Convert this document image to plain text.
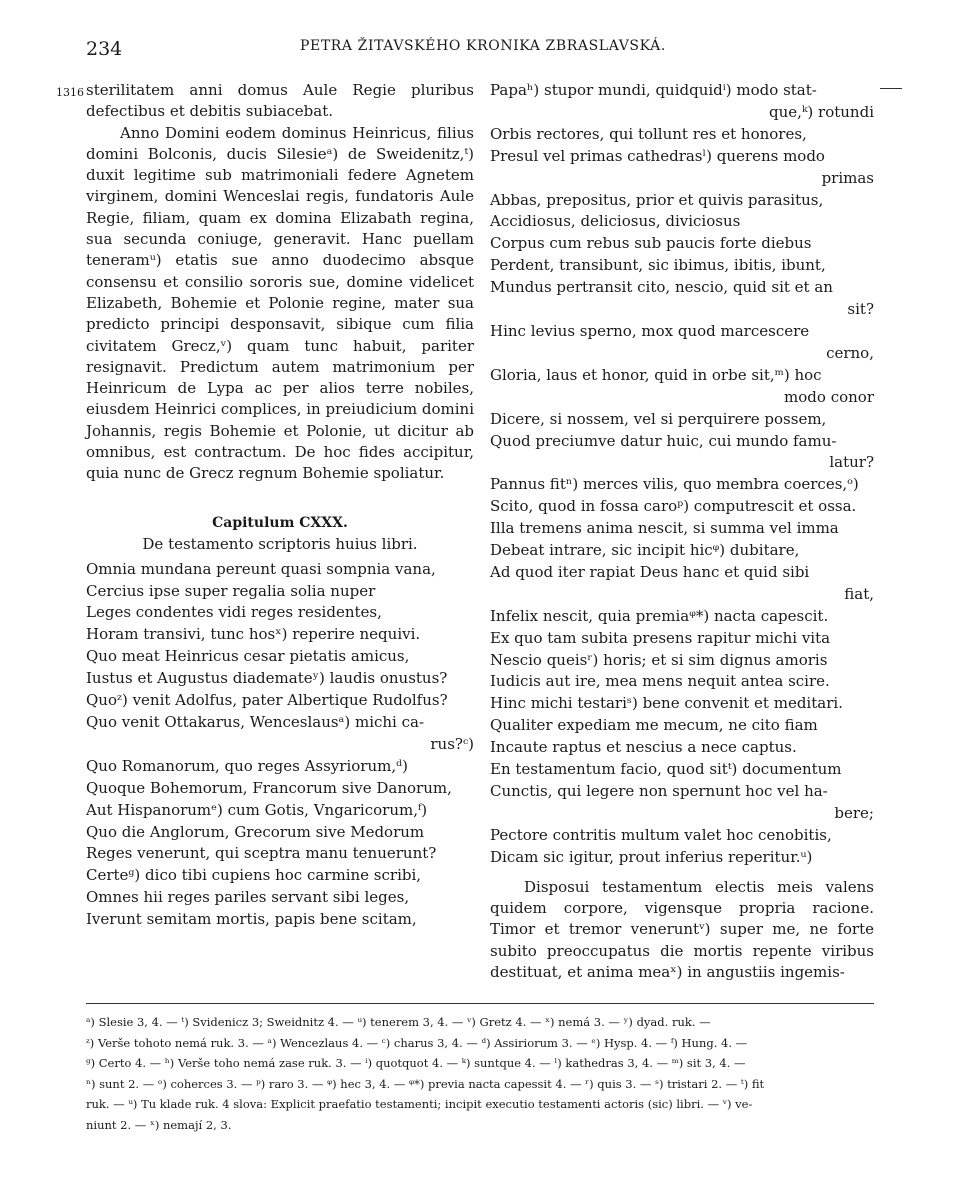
234	PETRA ŽITAVSKÉHO KRONIKA ZBRASLAVSKÁ.
1316 sterilitatem anni domus Aule Regie pluribus defectibus et debitis subiacebat.
Anno Domini eodem dominus Heinricus, filius domini Bolconis, ducis Silesieᵃ) de Sweidenitz,ᵗ) duxit legitime sub matrimoniali federe Agnetem virginem, domini Wenceslai regis, fundatoris Aule Regie, filiam, quam ex domina Elizabath regina, sua secunda coniuge, generavit. Hanc puellam teneramᵘ) etatis sue anno duodecimo absque consensu et consilio sororis sue, domine videlicet Elizabeth, Bohemie et Polonie regine, mater sua predicto principi desponsavit, sibique cum filia civitatem Grecz,ᵛ) quam tunc habuit, pariter resignavit. Predictum autem matrimonium per Heinricum de Lypa ac per alios terre nobiles, eiusdem Heinrici complices, in preiudicium domini Johannis, regis Bohemie et Polonie, ut dicitur ab omnibus, est contractum. De hoc fides accipitur, quia nunc de Grecz regnum Bohemie spoliatur.
Capitulum CXXX.
De testamento scriptoris huius libri.
Omnia mundana pereunt quasi sompnia vana,
Cercius ipse super regalia solia nuper
Leges condentes vidi reges residentes,
Horam transivi, tunc hosˣ) reperire nequivi.
Quo meat Heinricus cesar pietatis amicus,
Iustus et Augustus diademateʸ) laudis onustus?
Quoᶻ) venit Adolfus, pater Albertique Rudolfus?
Quo venit Ottakarus, Wenceslausᵃ) michi ca-
rus?ᶜ)
Quo Romanorum, quo reges Assyriorum,ᵈ)
Quoque Bohemorum, Francorum sive Danorum,
Aut Hispanorumᵉ) cum Gotis, Vngaricorum,ᶠ)
Quo die Anglorum, Grecorum sive Medorum
Reges venerunt, qui sceptra manu tenuerunt?
Certeᵍ) dico tibi cupiens hoc carmine scribi,
Omnes hii reges pariles servant sibi leges,
Iverunt semitam mortis, papis bene scitam,
Papaʰ) stupor mundi, quidquidⁱ) modo stat-
que,ᵏ) rotundi
Orbis rectores, qui tollunt res et honores,
Presul vel primas cathedrasˡ) querens modo
primas
Abbas, prepositus, prior et quivis parasitus,
Accidiosus, deliciosus, diviciosus
Corpus cum rebus sub paucis forte diebus
Perdent, transibunt, sic ibimus, ibitis, ibunt,
Mundus pertransit cito, nescio, quid sit et an
sit?
Hinc levius sperno, mox quod marcescere
cerno,
Gloria, laus et honor, quid in orbe sit,ᵐ) hoc
modo conor
Dicere, si nossem, vel si perquirere possem,
Quod preciumve datur huic, cui mundo famu-
latur?
Pannus fitⁿ) merces vilis, quo membra coerces,ᵒ)
Scito, quod in fossa caroᵖ) computrescit et ossa.
Illa tremens anima nescit, si summa vel imma
Debeat intrare, sic incipit hicᵠ) dubitare,
Ad quod iter rapiat Deus hanc et quid sibi
fiat,
Infelix nescit, quia premiaᵠ*) nacta capescit.
Ex quo tam subita presens rapitur michi vita
Nescio queisʳ) horis; et si sim dignus amoris
Iudicis aut ire, mea mens nequit antea scire.
Hinc michi testariˢ) bene convenit et meditari.
Qualiter expediam me mecum, ne cito fiam
Incaute raptus et nescius a nece captus.
En testamentum facio, quod sitᵗ) documentum
Cunctis, qui legere non spernunt hoc vel ha-
bere;
Pectore contritis multum valet hoc cenobitis,
Dicam sic igitur, prout inferius reperitur.ᵘ)
Disposui testamentum electis meis valens quidem corpore, vigensque propria racione. Timor et tremor veneruntᵛ) super me, ne forte subito preoccupatus die mortis repente viribus destituat, et anima meaˣ) in angustiis ingemis-
ᵃ) Slesie 3, 4. — ᵗ) Svidenicz 3; Sweidnitz 4. — ᵘ) tenerem 3, 4. — ᵛ) Gretz 4. — ˣ) nemá 3. — ʸ) dyad. ruk. —
ᶻ) Verše tohoto nemá ruk. 3. — ᵃ) Wencezlaus 4. — ᶜ) charus 3, 4. — ᵈ) Assiriorum 3. — ᵉ) Hysp. 4. — ᶠ) Hung. 4. —
ᵍ) Certo 4. — ʰ) Verše toho nemá zase ruk. 3. — ⁱ) quotquot 4. — ᵏ) suntque 4. — ˡ) kathedras 3, 4. — ᵐ) sit 3, 4. —
ⁿ) sunt 2. — ᵒ) coherces 3. — ᵖ) raro 3. — ᵠ) hec 3, 4. — ᵠ*) previa nacta capessit 4. — ʳ) quis 3. — ˢ) tristari 2. — ᵗ) fit
ruk. — ᵘ) Tu klade ruk. 4 slova: Explicit praefatio testamenti; incipit executio testamenti actoris (sic) libri. — ᵛ) ve-
niunt 2. — ˣ) nemají 2, 3.
